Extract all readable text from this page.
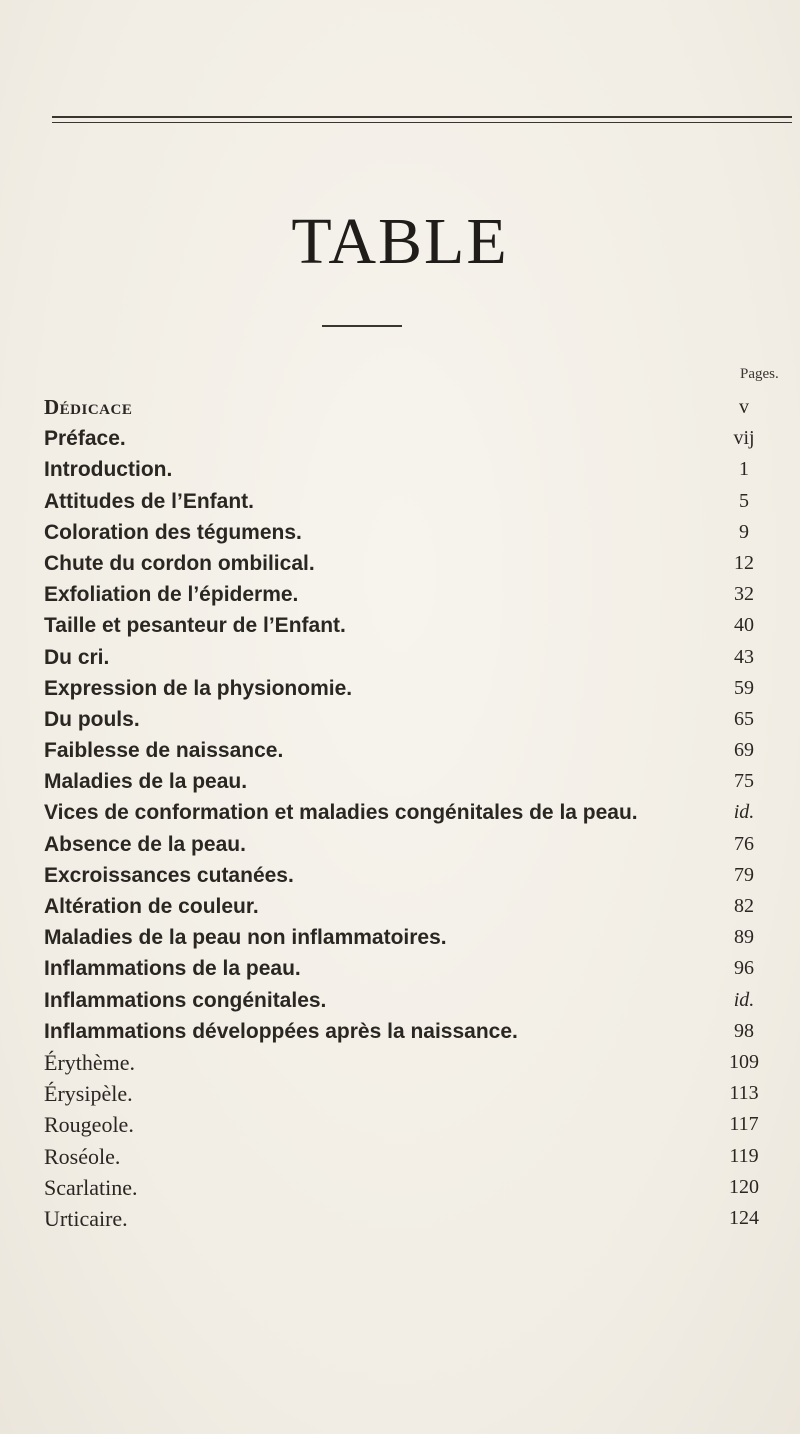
TABLE
Pages.
Dédicace	v
Préface.	vij
Introduction.	1
Attitudes de l’Enfant.	5
Coloration des tégumens.	9
Chute du cordon ombilical.	12
Exfoliation de l’épiderme.	32
Taille et pesanteur de l’Enfant.	40
Du cri.	43
Expression de la physionomie.	59
Du pouls.	65
Faiblesse de naissance.	69
Maladies de la peau.	75
Vices de conformation et maladies congénitales de la peau.	id.
Absence de la peau.	76
Excroissances cutanées.	79
Altération de couleur.	82
Maladies de la peau non inflammatoires.	89
Inflammations de la peau.	96
Inflammations congénitales.	id.
Inflammations développées après la naissance.	98
Érythème.	109
Érysipèle.	113
Rougeole.	117
Roséole.	119
Scarlatine.	120
Urticaire.	124
